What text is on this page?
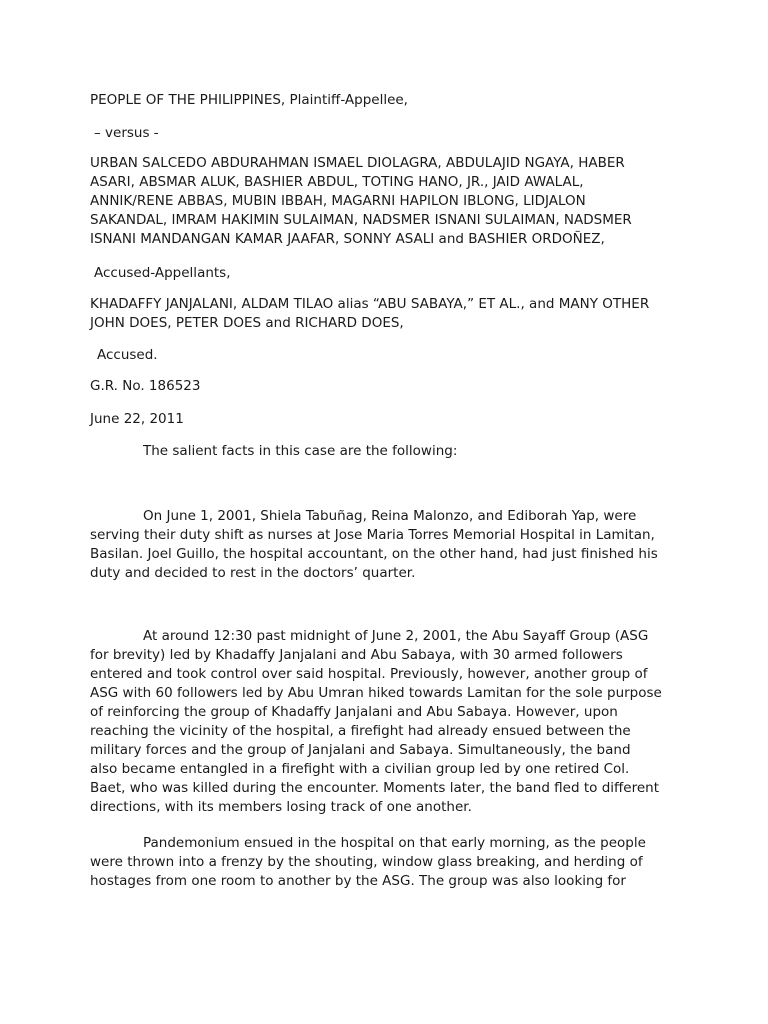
PEOPLE OF THE PHILIPPINES, Plaintiff-Appellee,
– versus -
URBAN SALCEDO ABDURAHMAN ISMAEL DIOLAGRA, ABDULAJID NGAYA, HABER
ASARI, ABSMAR ALUK, BASHIER ABDUL, TOTING HANO, JR., JAID AWALAL,
ANNIK/RENE ABBAS, MUBIN IBBAH, MAGARNI HAPILON IBLONG, LIDJALON
SAKANDAL, IMRAM HAKIMIN SULAIMAN, NADSMER ISNANI SULAIMAN, NADSMER
ISNANI MANDANGAN KAMAR JAAFAR, SONNY ASALI and BASHIER ORDOÑEZ,
Accused-Appellants,
KHADAFFY JANJALANI, ALDAM TILAO alias “ABU SABAYA,” ET AL., and MANY OTHER
JOHN DOES, PETER DOES and RICHARD DOES,
Accused.
G.R. No. 186523
June 22, 2011
The salient facts in this case are the following:
On June 1, 2001, Shiela Tabuñag, Reina Malonzo, and Ediborah Yap, were
serving their duty shift as nurses at Jose Maria Torres Memorial Hospital in Lamitan,
Basilan. Joel Guillo, the hospital accountant, on the other hand, had just finished his
duty and decided to rest in the doctors’ quarter.
At around 12:30 past midnight of June 2, 2001, the Abu Sayaff Group (ASG
for brevity) led by Khadaffy Janjalani and Abu Sabaya, with 30 armed followers
entered and took control over said hospital. Previously, however, another group of
ASG with 60 followers led by Abu Umran hiked towards Lamitan for the sole purpose
of reinforcing the group of Khadaffy Janjalani and Abu Sabaya. However, upon
reaching the vicinity of the hospital, a firefight had already ensued between the
military forces and the group of Janjalani and Sabaya. Simultaneously, the band
also became entangled in a firefight with a civilian group led by one retired Col.
Baet, who was killed during the encounter. Moments later, the band fled to different
directions, with its members losing track of one another.
Pandemonium ensued in the hospital on that early morning, as the people
were thrown into a frenzy by the shouting, window glass breaking, and herding of
hostages from one room to another by the ASG. The group was also looking for
